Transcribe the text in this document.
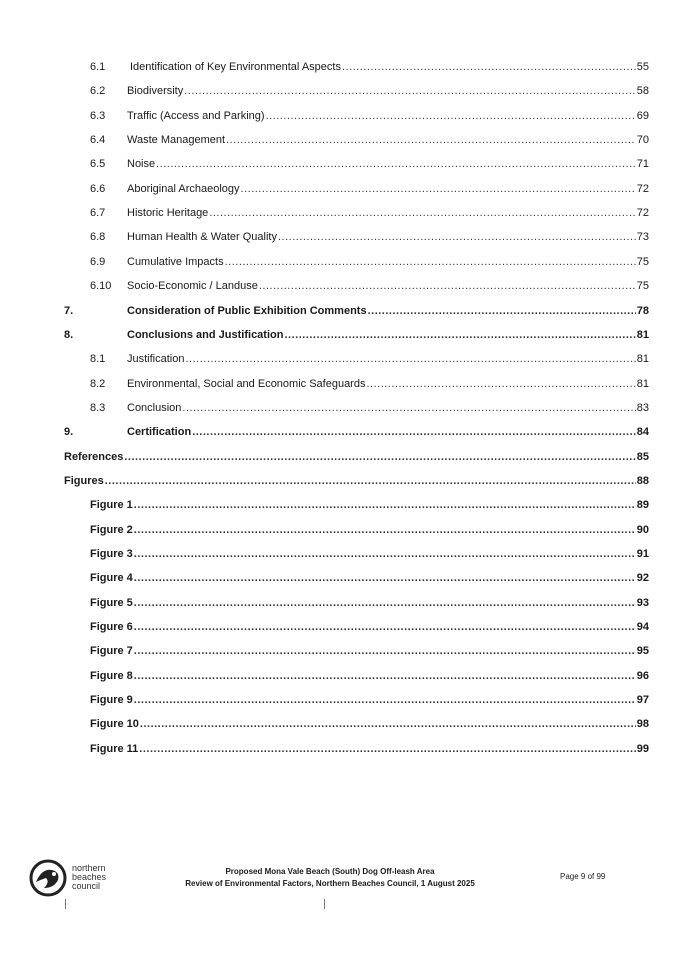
6.1 Identification of Key Environmental Aspects .....	55
6.2 Biodiversity .....	58
6.3 Traffic (Access and Parking) .....	69
6.4 Waste Management .....	70
6.5 Noise .....	71
6.6 Aboriginal Archaeology .....	72
6.7 Historic Heritage .....	72
6.8 Human Health & Water Quality .....	73
6.9 Cumulative Impacts .....	75
6.10 Socio-Economic / Landuse .....	75
7.	Consideration of Public Exhibition Comments .....	78
8.	Conclusions and Justification .....	81
8.1 Justification .....	81
8.2 Environmental, Social and Economic Safeguards .....	81
8.3 Conclusion .....	83
9.	Certification .....	84
References .....	85
Figures .....	88
Figure 1 .....	89
Figure 2 .....	90
Figure 3 .....	91
Figure 4 .....	92
Figure 5 .....	93
Figure 6 .....	94
Figure 7 .....	95
Figure 8 .....	96
Figure 9 .....	97
Figure 10 .....	98
Figure 11 .....	99
northern
beaches
council
Proposed Mona Vale Beach (South) Dog Off-leash Area
Review of Environmental Factors, Northern Beaches Council, 1 August 2025
Page 9 of 99
